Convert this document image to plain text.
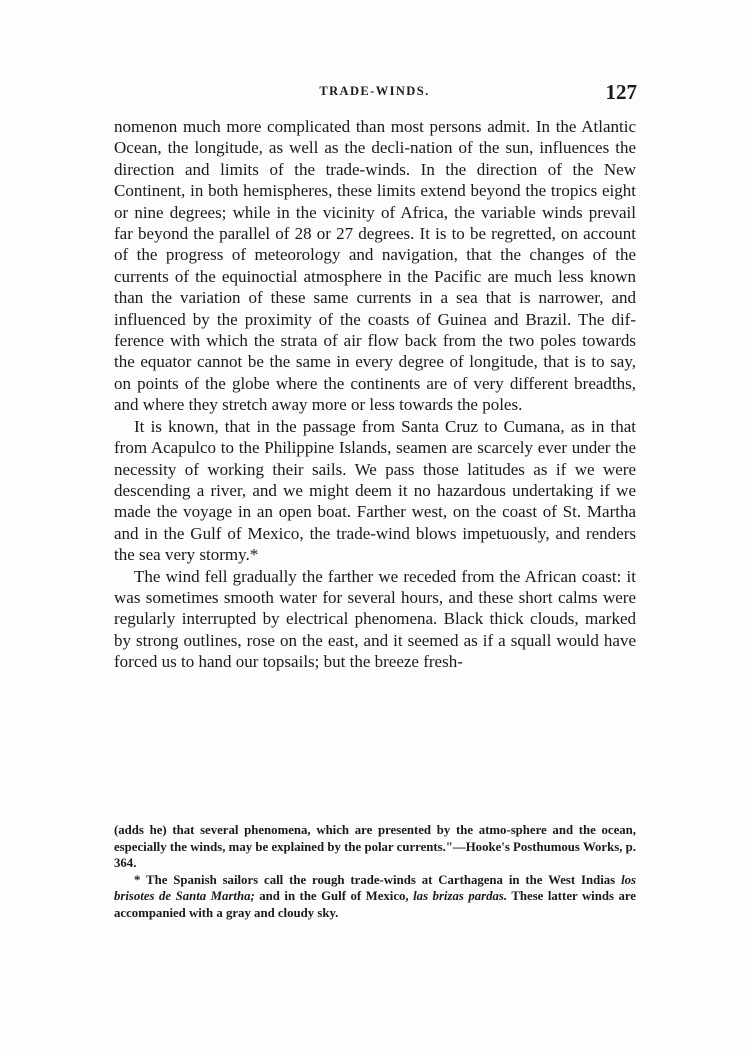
TRADE-WINDS.	127

nomenon much more complicated than most persons admit. In the Atlantic Ocean, the longitude, as well as the decli-nation of the sun, influences the direction and limits of the trade-winds. In the direction of the New Continent, in both hemispheres, these limits extend beyond the tropics eight or nine degrees; while in the vicinity of Africa, the variable winds prevail far beyond the parallel of 28 or 27 degrees. It is to be regretted, on account of the progress of meteorology and navigation, that the changes of the currents of the equinoctial atmosphere in the Pacific are much less known than the variation of these same currents in a sea that is narrower, and influenced by the proximity of the coasts of Guinea and Brazil. The dif-ference with which the strata of air flow back from the two poles towards the equator cannot be the same in every degree of longitude, that is to say, on points of the globe where the continents are of very different breadths, and where they stretch away more or less towards the poles.

It is known, that in the passage from Santa Cruz to Cumana, as in that from Acapulco to the Philippine Islands, seamen are scarcely ever under the necessity of working their sails. We pass those latitudes as if we were descending a river, and we might deem it no hazardous undertaking if we made the voyage in an open boat. Farther west, on the coast of St. Martha and in the Gulf of Mexico, the trade-wind blows impetuously, and renders the sea very stormy.*

The wind fell gradually the farther we receded from the African coast: it was sometimes smooth water for several hours, and these short calms were regularly interrupted by electrical phenomena. Black thick clouds, marked by strong outlines, rose on the east, and it seemed as if a squall would have forced us to hand our topsails; but the breeze fresh-

(adds he) that several phenomena, which are presented by the atmo-sphere and the ocean, especially the winds, may be explained by the polar currents."—Hooke's Posthumous Works, p. 364.

* The Spanish sailors call the rough trade-winds at Carthagena in the West Indias los brisotes de Santa Martha; and in the Gulf of Mexico, las brizas pardas. These latter winds are accompanied with a gray and cloudy sky.
